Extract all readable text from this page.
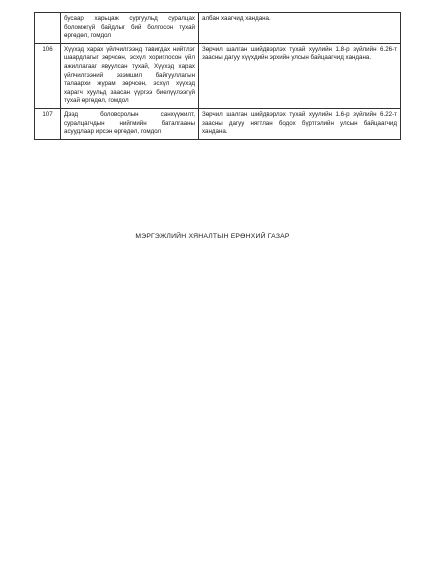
	бусаар харьцаж сургуульд суралцах боломжгүй байдлыг бий болгосон тухай өргөдөл, гомдол	албан хаагчид хандана.
106	Хүүхэд харах үйлчилгээнд тавигдах нийтлэг шаардлагыг зөрчсөн, эсхүл хориглосон үйл ажиллагааг явуулсан тухай, Хүүхэд харах үйлчилгээний эзэмшил байгууллагын талаархи журам зөрчсөн, эсхүл хүүхэд харагч хуульд заасан үүргээ биелүүлээгүй тухай өргөдөл, гомдол	Зөрчил шалган шийдвэрлэх тухай хуулийн 1.8-р зүйлийн 6.26-т заасны дагуу хүүхдийн эрхийн улсын байцаагчид хандана.
107	Дээд боловсролын санхүүжилт, суралцагчдын нийгмийн баталгааны асуудлаар ирсэн өргөдөл, гомдол	Зөрчил шалган шийдвэрлэх тухай хуулийн 1.6-р зүйлийн 6.22-т заасны дагуу нягтлан бодох бүртгэлийн улсын байцаагчид хандана.
МЭРГЭЖЛИЙН ХЯНАЛТЫН ЕРӨНХИЙ ГАЗАР
